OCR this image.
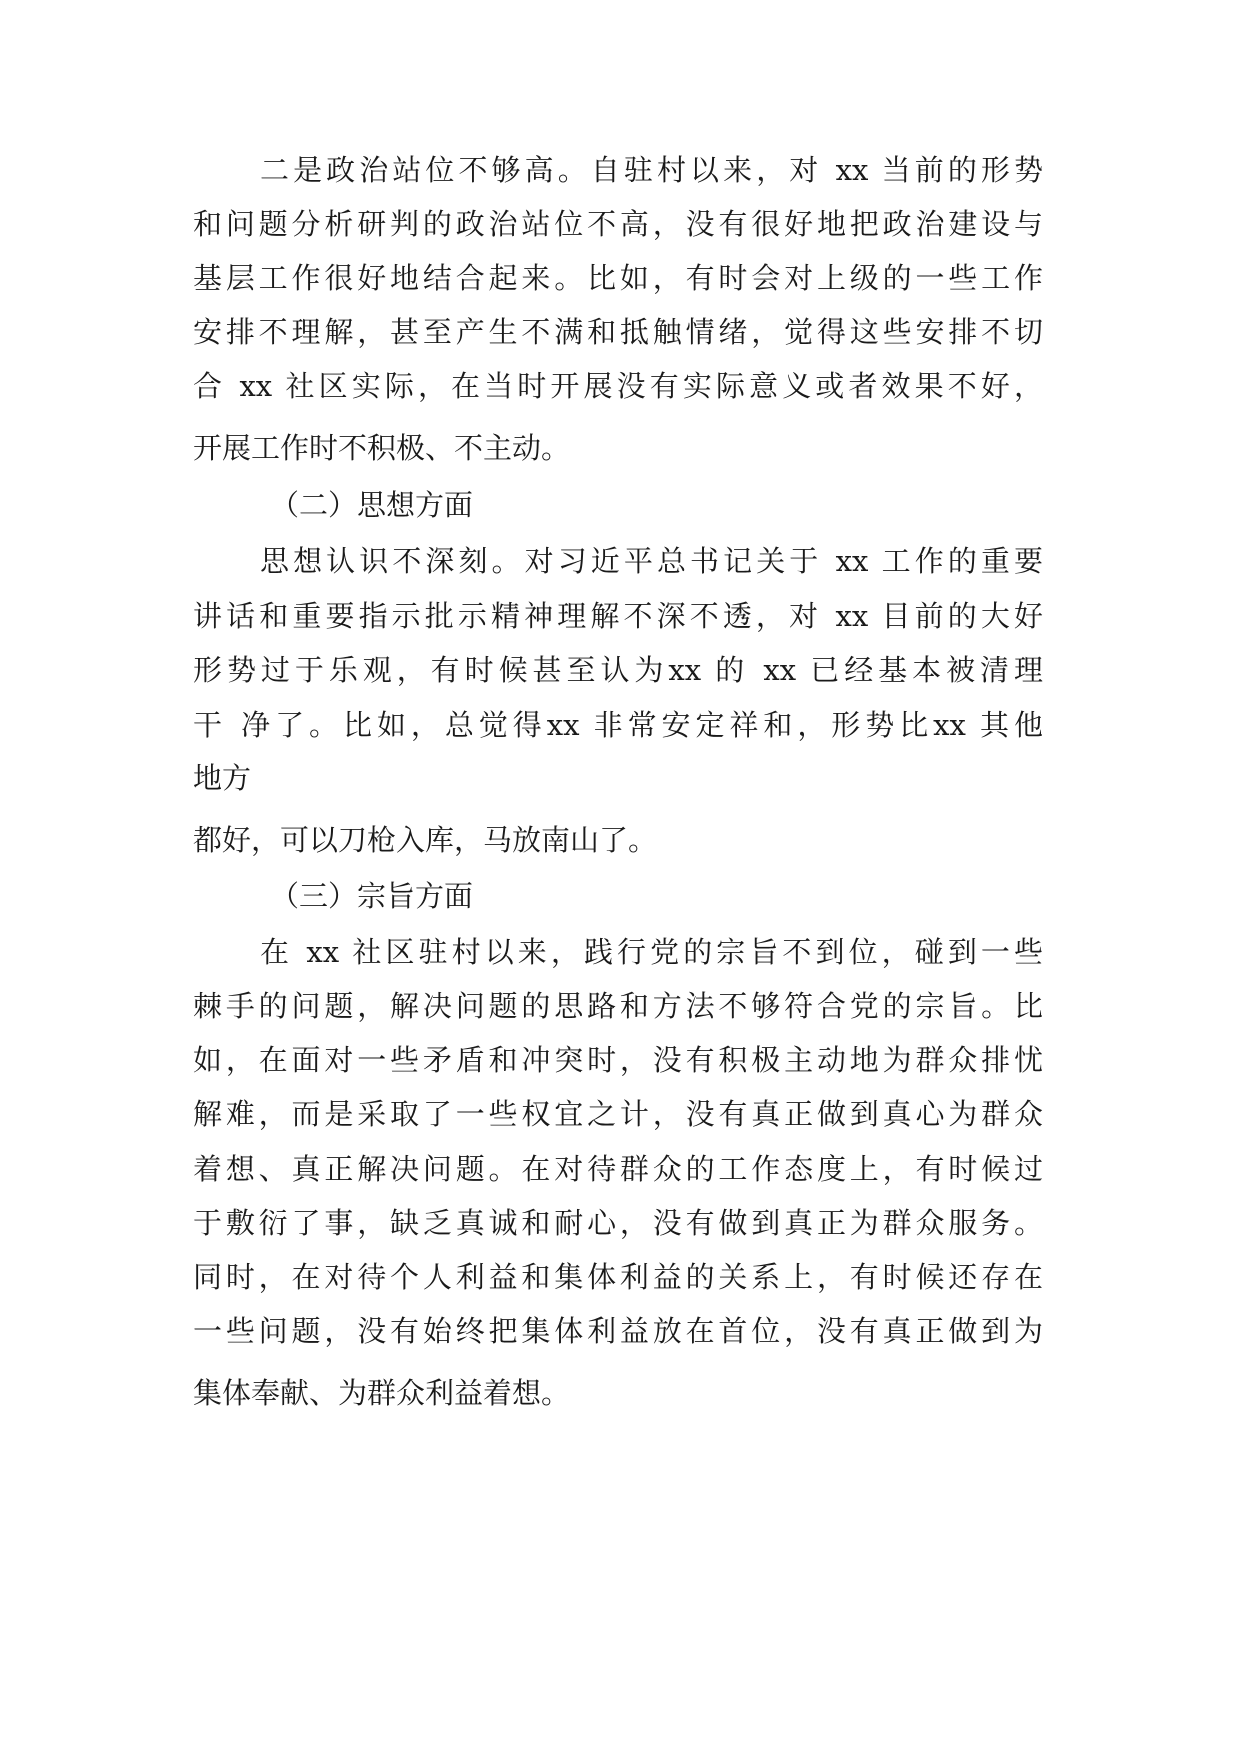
二是政治站位不够高。自驻村以来，对 xx 当前的形势
和问题分析研判的政治站位不高，没有很好地把政治建设与
基层工作很好地结合起来。比如，有时会对上级的一些工作
安排不理解，甚至产生不满和抵触情绪，觉得这些安排不切
合 xx 社区实际，在当时开展没有实际意义或者效果不好，
开展工作时不积极、不主动。
（二）思想方面
思想认识不深刻。对习近平总书记关于 xx 工作的重要
讲话和重要指示批示精神理解不深不透，对 xx 目前的大好
形势过于乐观，有时候甚至认为xx 的 xx 已经基本被清理
干 净了。比如，总觉得xx 非常安定祥和，形势比xx 其他
地方
都好，可以刀枪入库，马放南山了。
（三）宗旨方面
在 xx 社区驻村以来，践行党的宗旨不到位，碰到一些
棘手的问题，解决问题的思路和方法不够符合党的宗旨。比
如，在面对一些矛盾和冲突时，没有积极主动地为群众排忧
解难，而是采取了一些权宜之计，没有真正做到真心为群众
着想、真正解决问题。在对待群众的工作态度上，有时候过
于敷衍了事，缺乏真诚和耐心，没有做到真正为群众服务。
同时，在对待个人利益和集体利益的关系上，有时候还存在
一些问题，没有始终把集体利益放在首位，没有真正做到为
集体奉献、为群众利益着想。
